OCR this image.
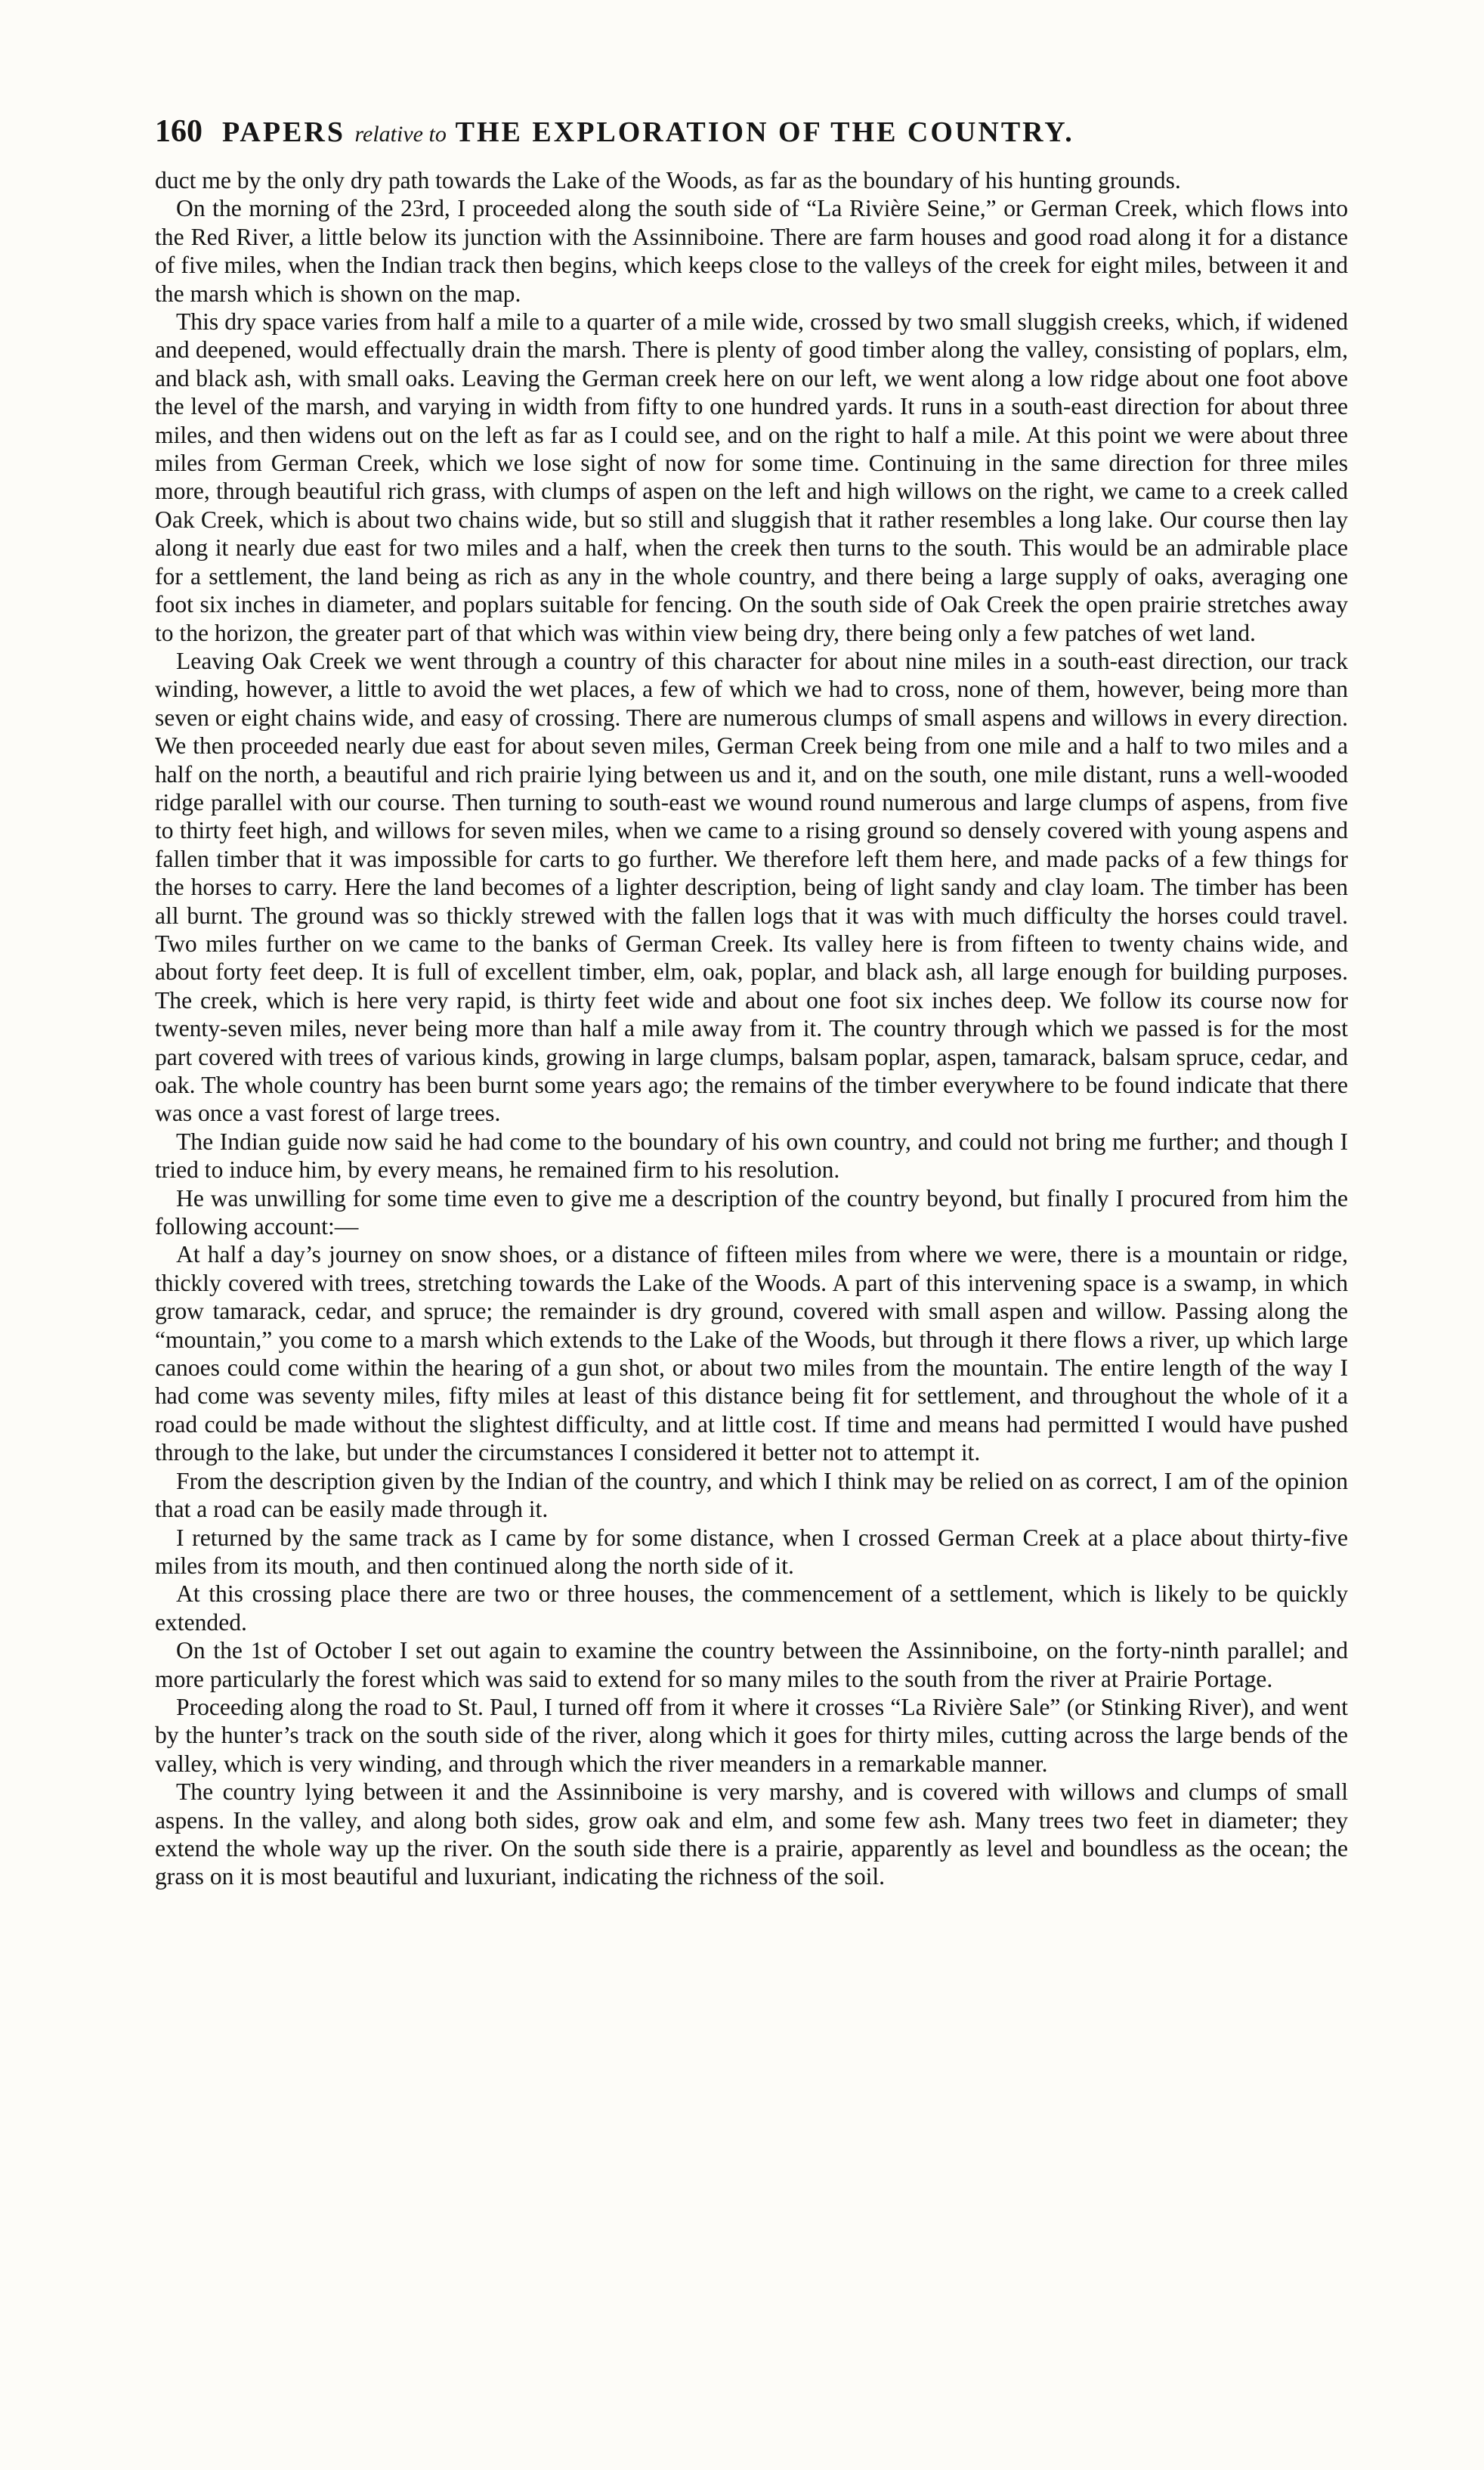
160 PAPERS relative to THE EXPLORATION OF THE COUNTRY.

duct me by the only dry path towards the Lake of the Woods, as far as the boundary of his hunting grounds.

On the morning of the 23rd, I proceeded along the south side of “La Rivière Seine,” or German Creek, which flows into the Red River, a little below its junction with the Assinniboine. There are farm houses and good road along it for a distance of five miles, when the Indian track then begins, which keeps close to the valleys of the creek for eight miles, between it and the marsh which is shown on the map.

This dry space varies from half a mile to a quarter of a mile wide, crossed by two small sluggish creeks, which, if widened and deepened, would effectually drain the marsh. There is plenty of good timber along the valley, consisting of poplars, elm, and black ash, with small oaks. Leaving the German creek here on our left, we went along a low ridge about one foot above the level of the marsh, and varying in width from fifty to one hundred yards. It runs in a south-east direction for about three miles, and then widens out on the left as far as I could see, and on the right to half a mile. At this point we were about three miles from German Creek, which we lose sight of now for some time. Continuing in the same direction for three miles more, through beautiful rich grass, with clumps of aspen on the left and high willows on the right, we came to a creek called Oak Creek, which is about two chains wide, but so still and sluggish that it rather resembles a long lake. Our course then lay along it nearly due east for two miles and a half, when the creek then turns to the south. This would be an admirable place for a settlement, the land being as rich as any in the whole country, and there being a large supply of oaks, averaging one foot six inches in diameter, and poplars suitable for fencing. On the south side of Oak Creek the open prairie stretches away to the horizon, the greater part of that which was within view being dry, there being only a few patches of wet land.

Leaving Oak Creek we went through a country of this character for about nine miles in a south-east direction, our track winding, however, a little to avoid the wet places, a few of which we had to cross, none of them, however, being more than seven or eight chains wide, and easy of crossing. There are numerous clumps of small aspens and willows in every direction. We then proceeded nearly due east for about seven miles, German Creek being from one mile and a half to two miles and a half on the north, a beautiful and rich prairie lying between us and it, and on the south, one mile distant, runs a well-wooded ridge parallel with our course. Then turning to south-east we wound round numerous and large clumps of aspens, from five to thirty feet high, and willows for seven miles, when we came to a rising ground so densely covered with young aspens and fallen timber that it was impossible for carts to go further. We therefore left them here, and made packs of a few things for the horses to carry. Here the land becomes of a lighter description, being of light sandy and clay loam. The timber has been all burnt. The ground was so thickly strewed with the fallen logs that it was with much difficulty the horses could travel. Two miles further on we came to the banks of German Creek. Its valley here is from fifteen to twenty chains wide, and about forty feet deep. It is full of excellent timber, elm, oak, poplar, and black ash, all large enough for building purposes. The creek, which is here very rapid, is thirty feet wide and about one foot six inches deep. We follow its course now for twenty-seven miles, never being more than half a mile away from it. The country through which we passed is for the most part covered with trees of various kinds, growing in large clumps, balsam poplar, aspen, tamarack, balsam spruce, cedar, and oak. The whole country has been burnt some years ago; the remains of the timber everywhere to be found indicate that there was once a vast forest of large trees.

The Indian guide now said he had come to the boundary of his own country, and could not bring me further; and though I tried to induce him, by every means, he remained firm to his resolution.

He was unwilling for some time even to give me a description of the country beyond, but finally I procured from him the following account:—

At half a day’s journey on snow shoes, or a distance of fifteen miles from where we were, there is a mountain or ridge, thickly covered with trees, stretching towards the Lake of the Woods. A part of this intervening space is a swamp, in which grow tamarack, cedar, and spruce; the remainder is dry ground, covered with small aspen and willow. Passing along the “mountain,” you come to a marsh which extends to the Lake of the Woods, but through it there flows a river, up which large canoes could come within the hearing of a gun shot, or about two miles from the mountain. The entire length of the way I had come was seventy miles, fifty miles at least of this distance being fit for settlement, and throughout the whole of it a road could be made without the slightest difficulty, and at little cost. If time and means had permitted I would have pushed through to the lake, but under the circumstances I considered it better not to attempt it.

From the description given by the Indian of the country, and which I think may be relied on as correct, I am of the opinion that a road can be easily made through it.

I returned by the same track as I came by for some distance, when I crossed German Creek at a place about thirty-five miles from its mouth, and then continued along the north side of it.

At this crossing place there are two or three houses, the commencement of a settlement, which is likely to be quickly extended.

On the 1st of October I set out again to examine the country between the Assinniboine, on the forty-ninth parallel; and more particularly the forest which was said to extend for so many miles to the south from the river at Prairie Portage.

Proceeding along the road to St. Paul, I turned off from it where it crosses “La Rivière Sale” (or Stinking River), and went by the hunter’s track on the south side of the river, along which it goes for thirty miles, cutting across the large bends of the valley, which is very winding, and through which the river meanders in a remarkable manner.

The country lying between it and the Assinniboine is very marshy, and is covered with willows and clumps of small aspens. In the valley, and along both sides, grow oak and elm, and some few ash. Many trees two feet in diameter; they extend the whole way up the river. On the south side there is a prairie, apparently as level and boundless as the ocean; the grass on it is most beautiful and luxuriant, indicating the richness of the soil.
